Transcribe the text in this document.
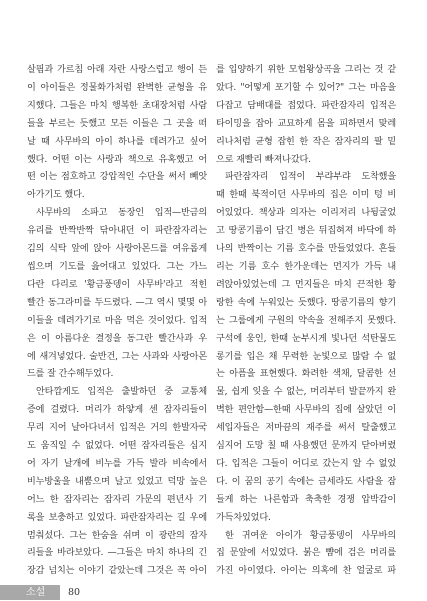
살핌과 가르침 아래 자란 사랑스럽고 행이 든
이 아이들은 정물화가처럼 완벽한 균형을 유
지했다. 그들은 마치 행복한 초대장처럼 사람
들을 부르는 듯했고 모든 이들은 그 곳을 떠
날 때 사무바의 아이 하나를 데려가고 싶어
했다. 어떤 이는 사랑과 책으로 유혹했고 어
떤 이는 점호하고 강압적인 수단을 써서 빼앗
아가기도 했다.
사무바의 소파고 동장인 입적—반금의
유리를 반짝반짝 닦아내던 이 파란잠자리는
김의 식탁 앞에 앉아 사랑아몬드를 여유롭게
씹으며 기도를 읊어대고 있었다. 그는 가느
다란 다리로 '황금풍뎅이 사무바'라고 적힌
빨간 동그라미를 두드렸다. —그 역시 몇몇 아
이들을 데려가기로 마음 먹은 것이었다. 입적
은 이 아름다운 결정을 동그란 빨간사과 우
에 새겨넣었다. 술반건, 그는 사과와 사랑아몬
드를 잘 간수해두었다.
안타깝게도 입적은 출발하던 중 교통체
증에 걸렸다. 머리가 하얗게 센 잠자리들이
무리 지어 날아다녀서 입적은 거의 한발자국
도 움직일 수 없었다. 어떤 잠자리들은 심지
어 자기 날개에 비누를 가득 발라 비속에서
비누방울을 내뿜으며 날고 있었고 덕망 높은
어느 한 잠자리는 잠자리 가문의 편년사 기
록을 보충하고 있었다. 파란잠자리는 길 우에
멈춰섰다. 그는 한숨을 쉬며 이 광란의 잠자
리들을 바라보았다. —그들은 마치 하나의 긴
장감 넘치는 이야기 같았는데 그것은 꼭 아이
를 입양하기 위한 모험왕상곡을 그리는 것 같
았다. "어떻게 포기할 수 있어?" 그는 마음을
다잡고 담배대를 접었다. 파란잠자리 입적은
타이밍을 잡아 교묘하게 몸을 피하면서 맞레
리나처럼 균형 잡힌 한 작은 잠자리의 팔 밑
으로 재빨리 빠져나갔다.
파란잠자리 입적이 부랴부랴 도착했을
때 한때 북적이던 사무바의 집은 이미 텅 비
어있었다. 책상과 의자는 이리저리 나뒹굴었
고 땅콩기름이 담긴 병은 뒤집혀져 바닥에 하
나의 반짝이는 기름 호수를 만들었었다. 흔들
리는 기름 호수 한가운데는 먼지가 가득 내
려앉아있었는데 그 먼지들은 마치 끈적한 황
랑한 속에 누워있는 듯했다. 땅콩기름의 향기
는 그룹에게 구원의 약속을 전해주지 못했다.
구석에 웅인, 한때 눈부시게 빛나던 석탄물도
롱기를 입은 채 무력한 눈빛으로 많람 수 없
는 아픔을 표현했다. 화려한 색채, 달콤한 선
물, 쉽게 잊을 수 없는, 머리부터 발끝까지 완
벽한 편안함—한때 사무바의 집에 살았던 이
세입자들은 저마끔의 재주를 써서 탈출했고
심지어 도망 칠 때 사용했던 문까지 닫아버렸
다. 입적은 그들이 어디로 갔는지 알 수 없었
다. 이 꿈의 공기 속에는 금세라도 사람을 잠
들게 하는 나른함과 축축한 경쟁 압박감이
가득차있었다.
한 귀여운 아이가 황금풍뎅이 사무바의
집 문앞에 서있었다. 붉은 뺨에 검은 머리를
가진 아이였다. 아이는 의혹에 찬 얼굴로 파
소설 80
